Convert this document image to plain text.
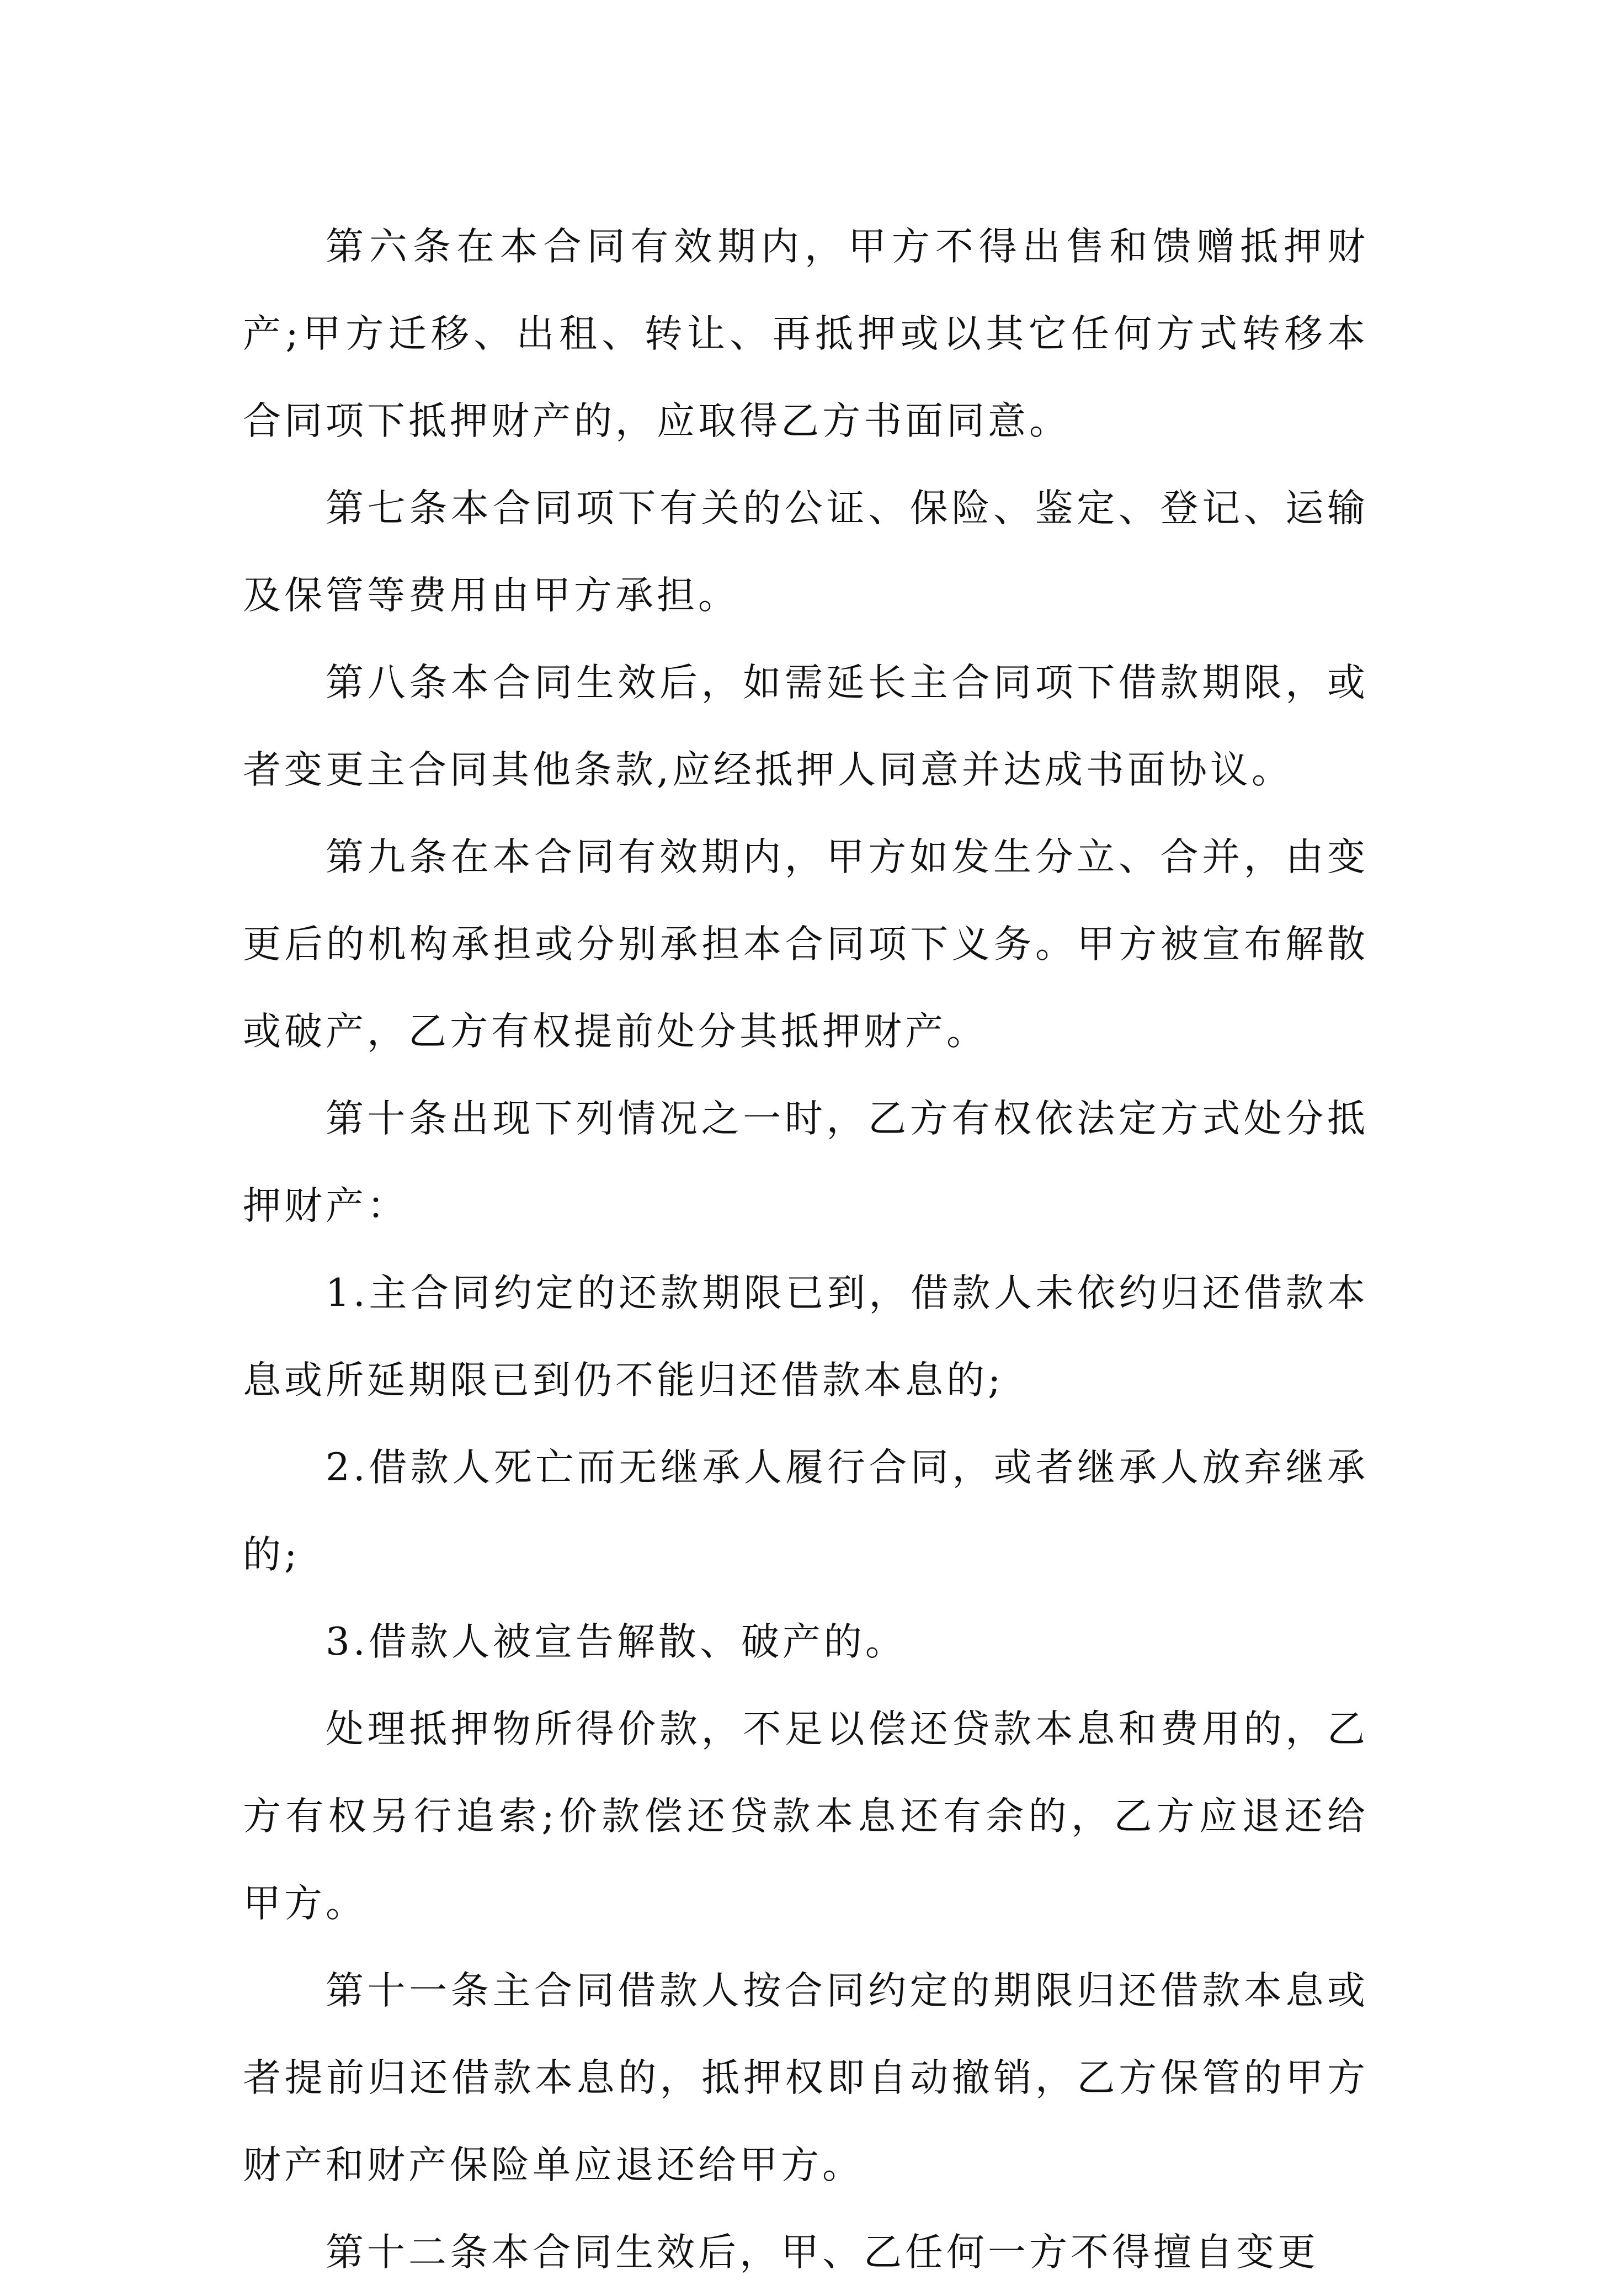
第六条在本合同有效期内，甲方不得出售和馈赠抵押财产;甲方迁移、出租、转让、再抵押或以其它任何方式转移本合同项下抵押财产的，应取得乙方书面同意。

第七条本合同项下有关的公证、保险、鉴定、登记、运输及保管等费用由甲方承担。

第八条本合同生效后，如需延长主合同项下借款期限，或者变更主合同其他条款,应经抵押人同意并达成书面协议。

第九条在本合同有效期内，甲方如发生分立、合并，由变更后的机构承担或分别承担本合同项下义务。甲方被宣布解散或破产，乙方有权提前处分其抵押财产。

第十条出现下列情况之一时，乙方有权依法定方式处分抵押财产：

1.主合同约定的还款期限已到，借款人未依约归还借款本息或所延期限已到仍不能归还借款本息的;

2.借款人死亡而无继承人履行合同，或者继承人放弃继承的;

3.借款人被宣告解散、破产的。

处理抵押物所得价款，不足以偿还贷款本息和费用的，乙方有权另行追索;价款偿还贷款本息还有余的，乙方应退还给甲方。

第十一条主合同借款人按合同约定的期限归还借款本息或者提前归还借款本息的，抵押权即自动撤销，乙方保管的甲方财产和财产保险单应退还给甲方。

第十二条本合同生效后，甲、乙任何一方不得擅自变更
